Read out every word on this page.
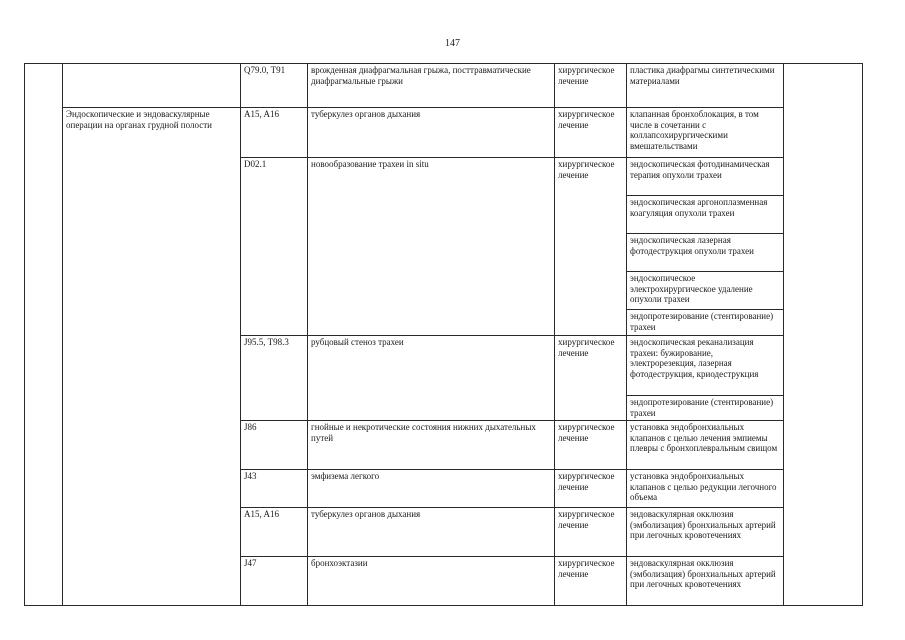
147
		Q79.0, T91	врожденная диафрагмальная грыжа, посттравматические диафрагмальные грыжи	хирургическое лечение	пластика диафрагмы синтетическими материалами	
	Эндоскопические и эндоваскулярные операции на органах грудной полости	A15, A16	туберкулез органов дыхания	хирургическое лечение	клапанная бронхоблокация, в том числе в сочетании с коллапсохирургическими вмешательствами	
		D02.1	новообразование трахеи in situ	хирургическое лечение	эндоскопическая фотодинамическая терапия опухоли трахеи	
					эндоскопическая аргоноплазменная коагуляция опухоли трахеи	
					эндоскопическая лазерная фотодеструкция опухоли трахеи	
					эндоскопическое электрохирургическое удаление опухоли трахеи	
					эндопротезирование (стентирование) трахеи	
		J95.5, T98.3	рубцовый стеноз трахеи	хирургическое лечение	эндоскопическая реканализация трахеи: бужирование, электрорезекция, лазерная фотодеструкция, криодеструкция	
					эндопротезирование (стентирование) трахеи	
		J86	гнойные и некротические состояния нижних дыхательных путей	хирургическое лечение	установка эндобронхиальных клапанов с целью лечения эмпиемы плевры с бронхоплевральным свищом	
		J43	эмфизема легкого	хирургическое лечение	установка эндобронхиальных клапанов с целью редукции легочного объема	
		A15, A16	туберкулез органов дыхания	хирургическое лечение	эндоваскулярная окклюзия (эмболизация) бронхиальных артерий при легочных кровотечениях	
		J47	бронхоэктазии	хирургическое лечение	эндоваскулярная окклюзия (эмболизация) бронхиальных артерий при легочных кровотечениях	
